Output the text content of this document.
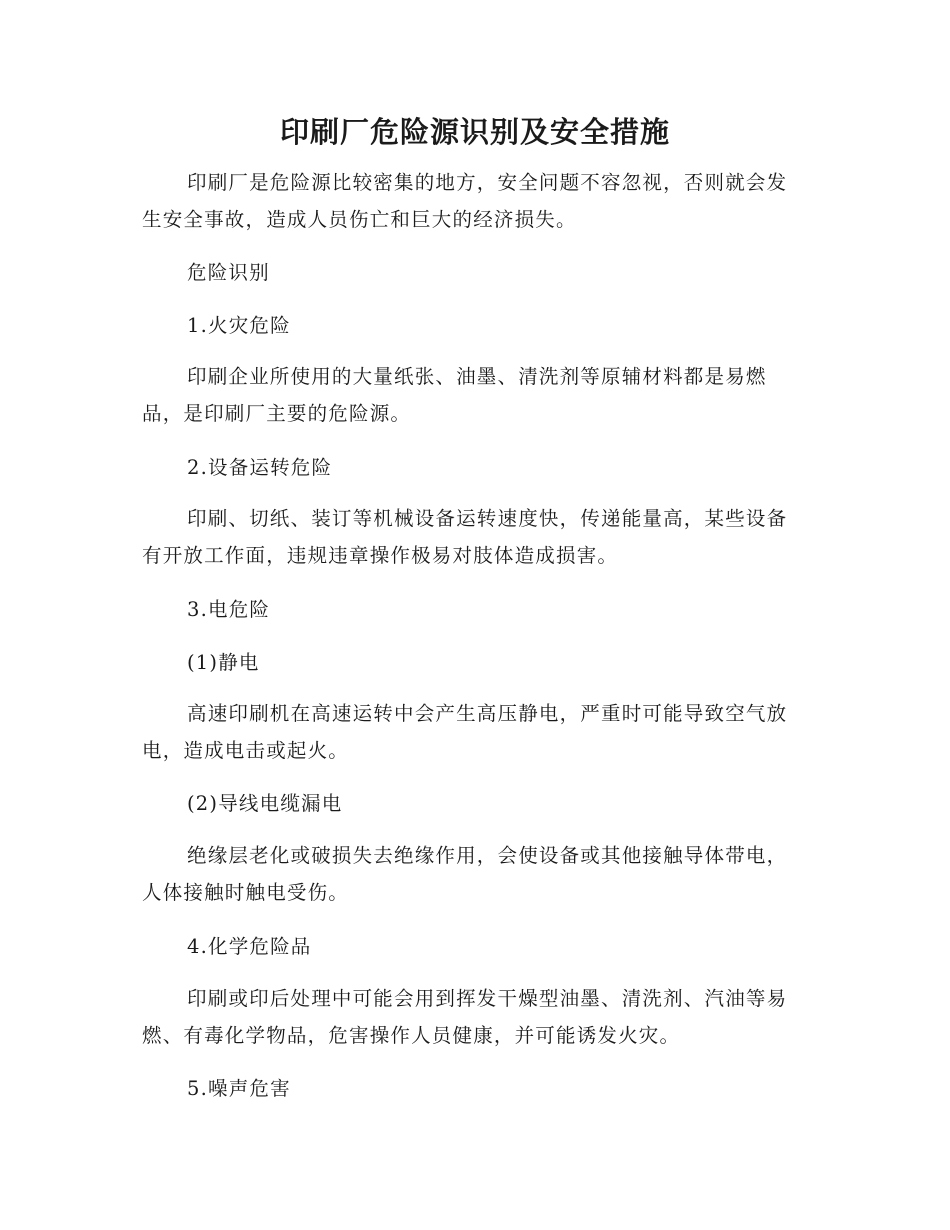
印刷厂危险源识别及安全措施

印刷厂是危险源比较密集的地方，安全问题不容忽视，否则就会发生安全事故，造成人员伤亡和巨大的经济损失。

危险识别

1.火灾危险

印刷企业所使用的大量纸张、油墨、清洗剂等原辅材料都是易燃品，是印刷厂主要的危险源。

2.设备运转危险

印刷、切纸、装订等机械设备运转速度快，传递能量高，某些设备有开放工作面，违规违章操作极易对肢体造成损害。

3.电危险

(1)静电

高速印刷机在高速运转中会产生高压静电，严重时可能导致空气放电，造成电击或起火。

(2)导线电缆漏电

绝缘层老化或破损失去绝缘作用，会使设备或其他接触导体带电，人体接触时触电受伤。

4.化学危险品

印刷或印后处理中可能会用到挥发干燥型油墨、清洗剂、汽油等易燃、有毒化学物品，危害操作人员健康，并可能诱发火灾。

5.噪声危害
